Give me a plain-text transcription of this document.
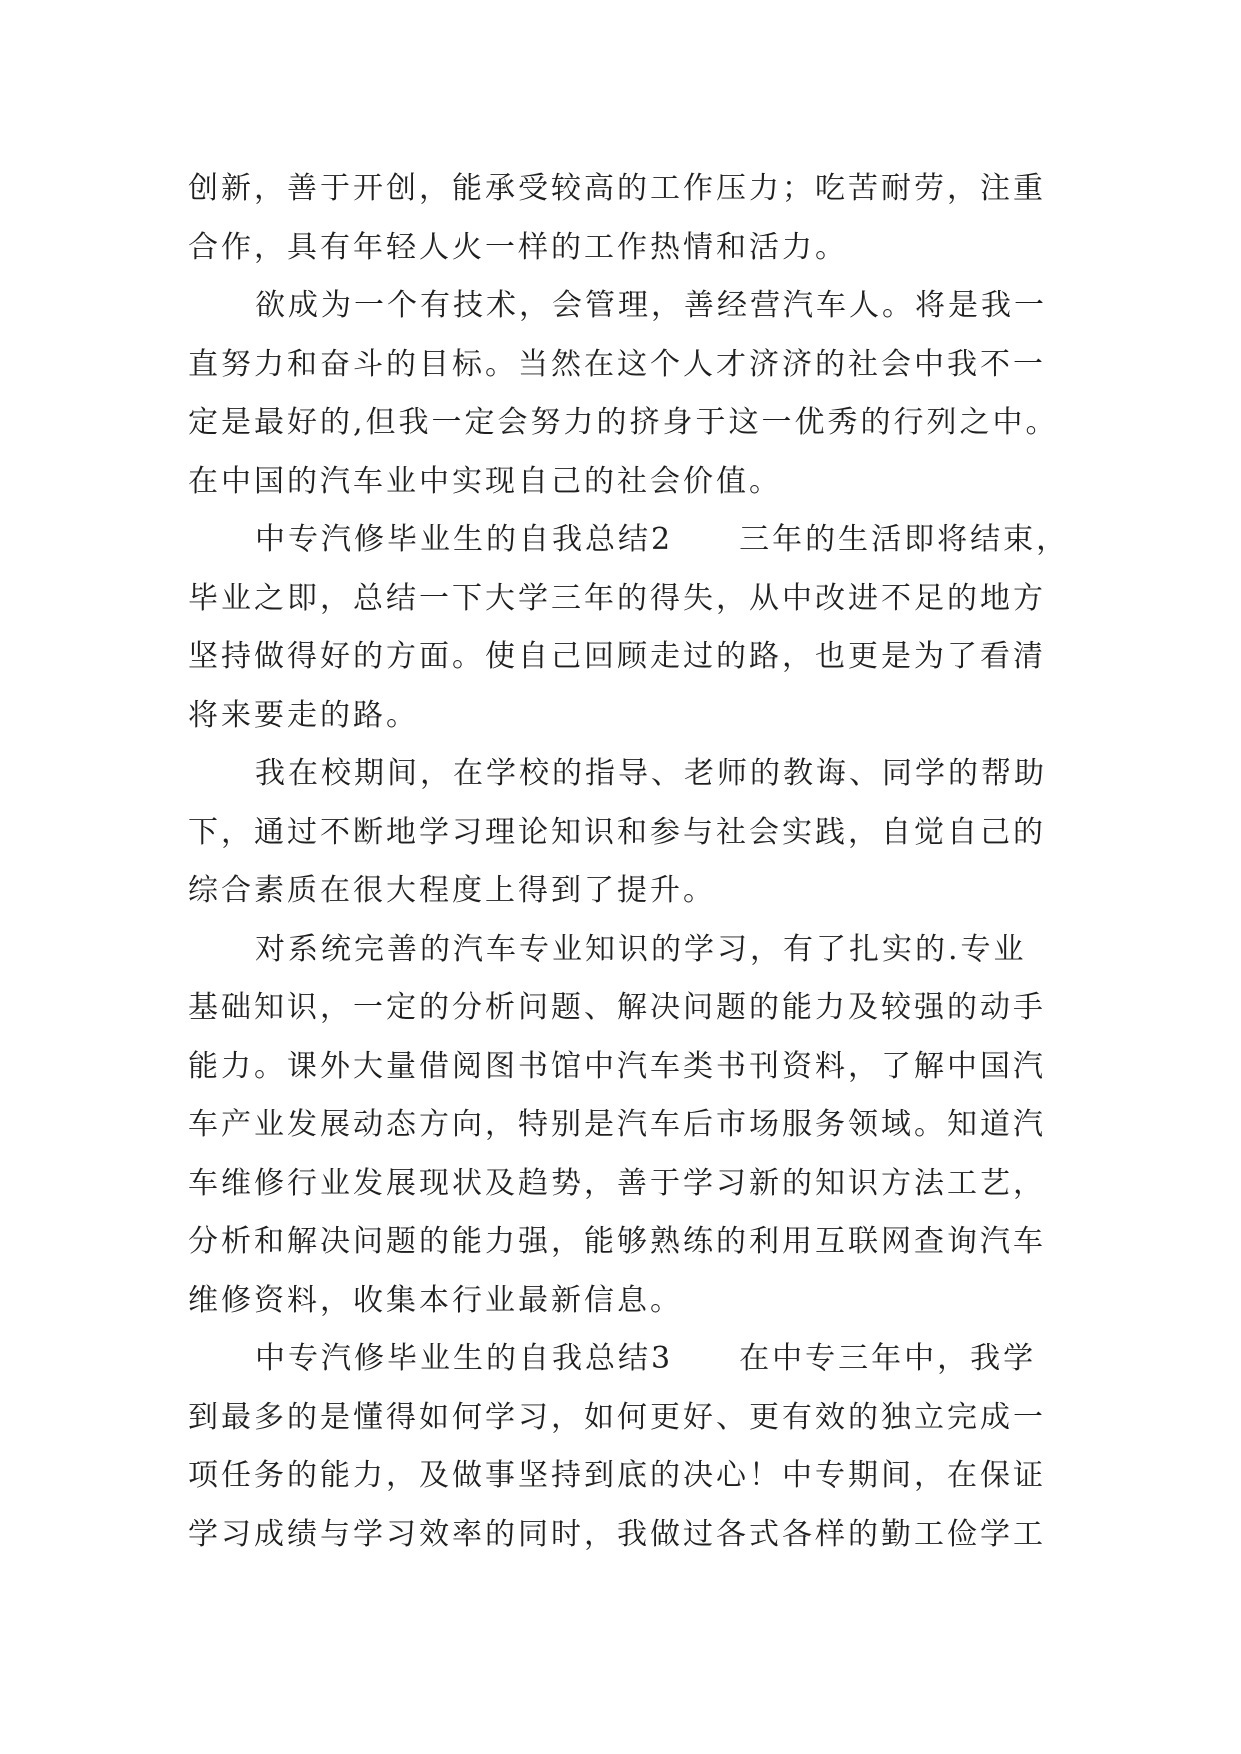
创新，善于开创，能承受较高的工作压力；吃苦耐劳，注重
合作，具有年轻人火一样的工作热情和活力。
欲成为一个有技术，会管理，善经营汽车人。将是我一
直努力和奋斗的目标。当然在这个人才济济的社会中我不一
定是最好的,但我一定会努力的挤身于这一优秀的行列之中。
在中国的汽车业中实现自己的社会价值。
中专汽修毕业生的自我总结2　　三年的生活即将结束，
毕业之即，总结一下大学三年的得失，从中改进不足的地方
坚持做得好的方面。使自己回顾走过的路，也更是为了看清
将来要走的路。
我在校期间，在学校的指导、老师的教诲、同学的帮助
下，通过不断地学习理论知识和参与社会实践，自觉自己的
综合素质在很大程度上得到了提升。
对系统完善的汽车专业知识的学习，有了扎实的.专业
基础知识，一定的分析问题、解决问题的能力及较强的动手
能力。课外大量借阅图书馆中汽车类书刊资料，了解中国汽
车产业发展动态方向，特别是汽车后市场服务领域。知道汽
车维修行业发展现状及趋势，善于学习新的知识方法工艺，
分析和解决问题的能力强，能够熟练的利用互联网查询汽车
维修资料，收集本行业最新信息。
中专汽修毕业生的自我总结3　　在中专三年中，我学
到最多的是懂得如何学习，如何更好、更有效的独立完成一
项任务的能力，及做事坚持到底的决心！中专期间，在保证
学习成绩与学习效率的同时，我做过各式各样的勤工俭学工
